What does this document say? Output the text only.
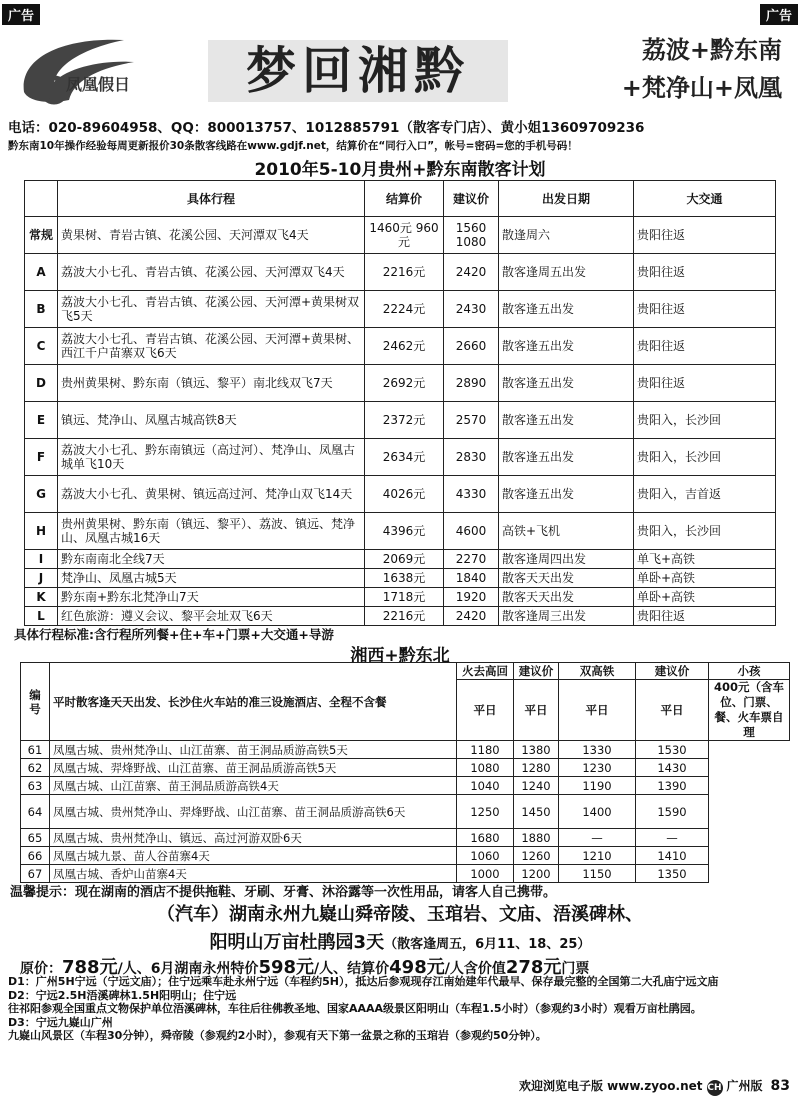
广告	广告
凤凰假日	梦回湘黔	荔波+黔东南
+梵净山+凤凰
电话：020-89604958、QQ：800013757、1012885791（散客专门店）、黄小姐13609709236
黔东南10年操作经验每周更新报价30条散客线路在www.gdjf.net，结算价在“同行入口”，帐号=密码=您的手机号码！
2010年5-10月贵州+黔东南散客计划
	具体行程	结算价	建议价	出发日期	大交通
常规	黄果树、青岩古镇、花溪公园、天河潭双飞4天	1460元 960元	1560 1080	散逢周六	贵阳往返
A	荔波大小七孔、青岩古镇、花溪公园、天河潭双飞4天	2216元	2420	散客逢周五出发	贵阳往返
B	荔波大小七孔、青岩古镇、花溪公园、天河潭+黄果树双飞5天	2224元	2430	散客逢五出发	贵阳往返
C	荔波大小七孔、青岩古镇、花溪公园、天河潭+黄果树、西江千户苗寨双飞6天	2462元	2660	散客逢五出发	贵阳往返
D	贵州黄果树、黔东南（镇远、黎平）南北线双飞7天	2692元	2890	散客逢五出发	贵阳往返
E	镇远、梵净山、凤凰古城高铁8天	2372元	2570	散客逢五出发	贵阳入，长沙回
F	荔波大小七孔、黔东南镇远（高过河）、梵净山、凤凰古城单飞10天	2634元	2830	散客逢五出发	贵阳入，长沙回
G	荔波大小七孔、黄果树、镇远高过河、梵净山双飞14天	4026元	4330	散客逢五出发	贵阳入，吉首返
H	贵州黄果树、黔东南（镇远、黎平）、荔波、镇远、梵净山、凤凰古城16天	4396元	4600	高铁+飞机	贵阳入，长沙回
I	黔东南南北全线7天	2069元	2270	散客逢周四出发	单飞+高铁
J	梵净山、凤凰古城5天	1638元	1840	散客天天出发	单卧+高铁
K	黔东南+黔东北梵净山7天	1718元	1920	散客天天出发	单卧+高铁
L	红色旅游：遵义会议、黎平会址双飞6天	2216元	2420	散客逢周三出发	贵阳往返
具体行程标准:含行程所列餐+住+车+门票+大交通+导游
湘西+黔东北
编号	平时散客逢天天出发、长沙住火车站的准三设施酒店、全程不含餐	火去高回	建议价	双高铁	建议价	小孩
		平日	平日	平日	平日	400元（含车位、门票、餐、火车票自理
61	凤凰古城、贵州梵净山、山江苗寨、苗王洞品质游高铁5天	1180	1380	1330	1530	
62	凤凰古城、羿烽野战、山江苗寨、苗王洞品质游高铁5天	1080	1280	1230	1430	
63	凤凰古城、山江苗寨、苗王洞品质游高铁4天	1040	1240	1190	1390	
64	凤凰古城、贵州梵净山、羿烽野战、山江苗寨、苗王洞品质游高铁6天	1250	1450	1400	1590	
65	凤凰古城、贵州梵净山、镇远、高过河游双卧6天	1680	1880	—	—	
66	凤凰古城九景、苗人谷苗寨4天	1060	1260	1210	1410	
67	凤凰古城、香炉山苗寨4天	1000	1200	1150	1350	
温馨提示：现在湖南的酒店不提供拖鞋、牙刷、牙膏、沐浴露等一次性用品，请客人自己携带。
（汽车）湖南永州九嶷山舜帝陵、玉琯岩、文庙、浯溪碑林、
阳明山万亩杜鹃园3天（散客逢周五，6月11、18、25）
原价：788元/人、6月湖南永州特价598元/人、结算价498元/人含价值278元门票

D1：广州5H宁远（宁远文庙）；住宁远乘车赴永州宁远（车程约5H），抵达后参观现存江南始建年代最早、保存最完整的全国第二大孔庙宁远文庙

D2：宁远2.5H浯溪碑林1.5H阳明山；住宁远

往祁阳参观全国重点文物保护单位浯溪碑林，车往后往佛教圣地、国家AAAA级景区阳明山（车程1.5小时）（参观约3小时）观看万亩杜鹃园。

D3：宁远九嶷山广州

九嶷山风景区（车程30分钟），舜帝陵（参观约2小时），参观有天下第一盆景之称的玉琯岩（参观约50分钟）。

欢迎浏览电子版 www.zyoo.net CH 广州版 83
